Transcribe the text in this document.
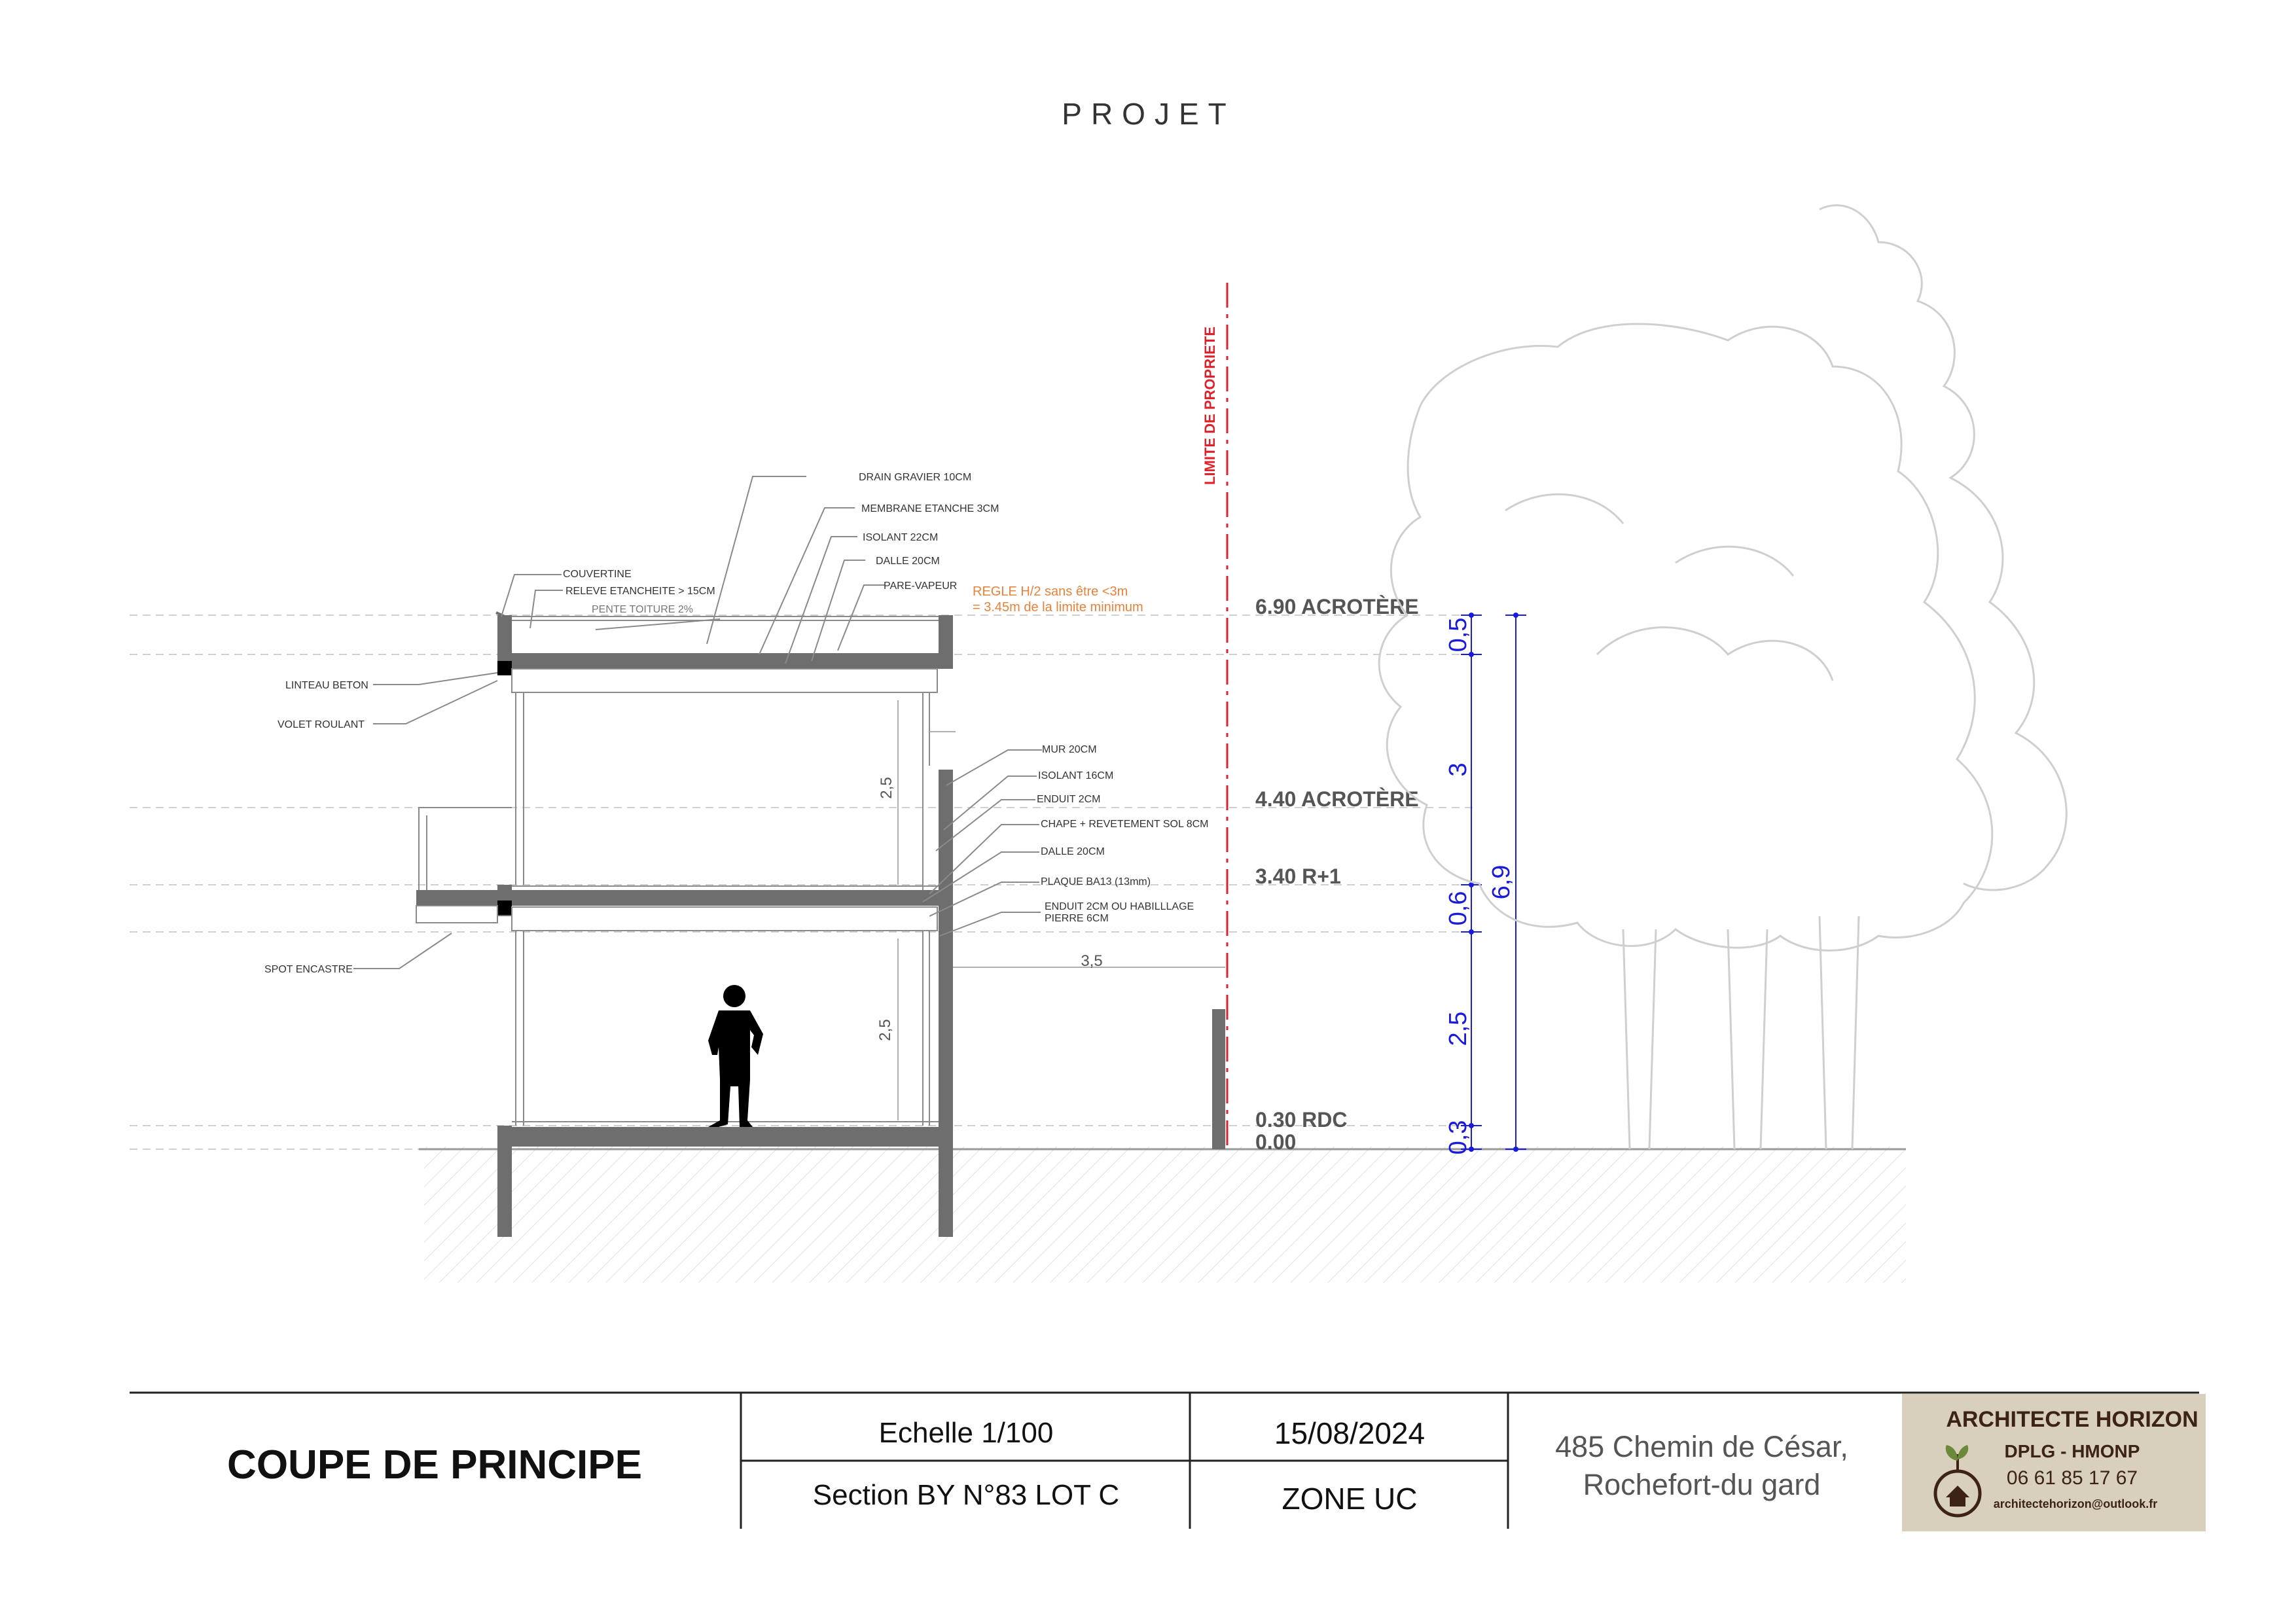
PROJET
2,5
2,5
3,5
LINTEAU BETON
VOLET ROULANT
SPOT ENCASTRE
DRAIN GRAVIER 10CM
MEMBRANE ETANCHE 3CM
ISOLANT 22CM
DALLE 20CM
PARE-VAPEUR
COUVERTINE
RELEVE ETANCHEITE > 15CM
PENTE TOITURE 2%
MUR 20CM
ISOLANT 16CM
ENDUIT 2CM
CHAPE + REVETEMENT SOL 8CM
DALLE 20CM
PLAQUE BA13 (13mm)
ENDUIT 2CM OU HABILLLAGE
PIERRE 6CM
REGLE H/2 sans être <3m
= 3.45m de la limite minimum
LIMITE DE PROPRIETE
6.90 ACROTÈRE
4.40 ACROTÈRE
3.40 R+1
0.30 RDC
0.00
0,5
3
0,6
2,5
0,3
6,9
COUPE DE PRINCIPE
Echelle 1/100
Section BY N°83 LOT C
15/08/2024
ZONE UC
485 Chemin de César,
Rochefort-du gard
ARCHITECTE HORIZON
DPLG - HMONP
06 61 85 17 67
architectehorizon@outlook.fr
